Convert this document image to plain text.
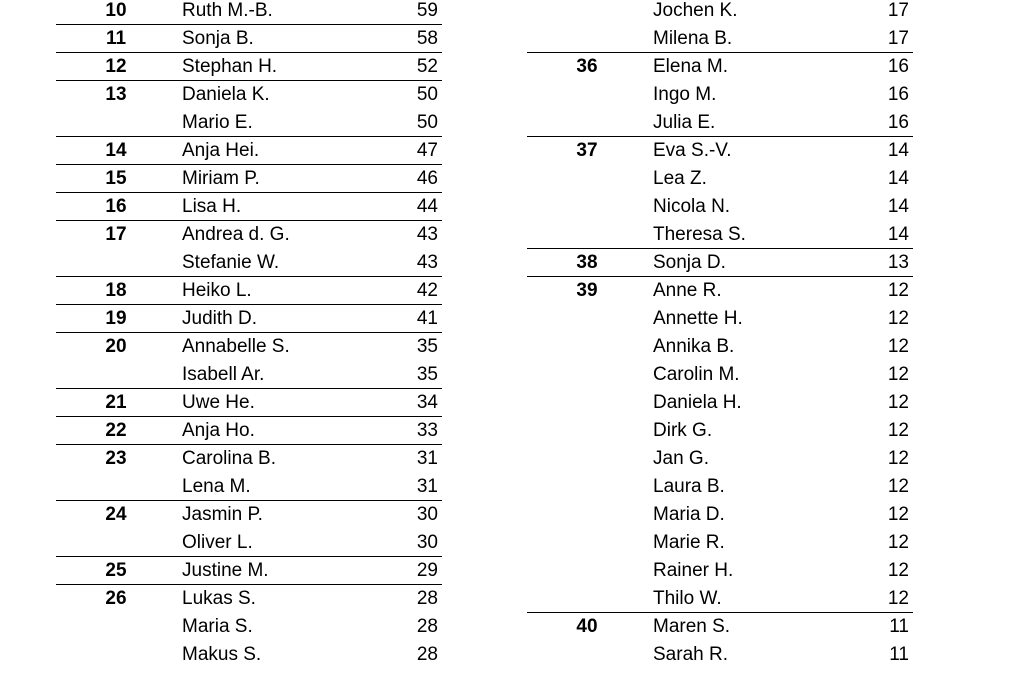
10	Ruth M.-B.	59
11	Sonja B.	58
12	Stephan H.	52
13	Daniela K.	50
Mario E.	50
14	Anja Hei.	47
15	Miriam P.	46
16	Lisa H.	44
17	Andrea d. G.	43
Stefanie W.	43
18	Heiko L.	42
19	Judith D.	41
20	Annabelle S.	35
Isabell Ar.	35
21	Uwe He.	34
22	Anja Ho.	33
23	Carolina B.	31
Lena M.	31
24	Jasmin P.	30
Oliver L.	30
25	Justine M.	29
26	Lukas S.	28
Maria S.	28
Makus S.	28
Jochen K.	17
Milena B.	17
36	Elena M.	16
Ingo M.	16
Julia E.	16
37	Eva S.-V.	14
Lea Z.	14
Nicola N.	14
Theresa S.	14
38	Sonja D.	13
39	Anne R.	12
Annette H.	12
Annika B.	12
Carolin M.	12
Daniela H.	12
Dirk G.	12
Jan G.	12
Laura B.	12
Maria D.	12
Marie R.	12
Rainer H.	12
Thilo W.	12
40	Maren S.	11
Sarah R.	11
